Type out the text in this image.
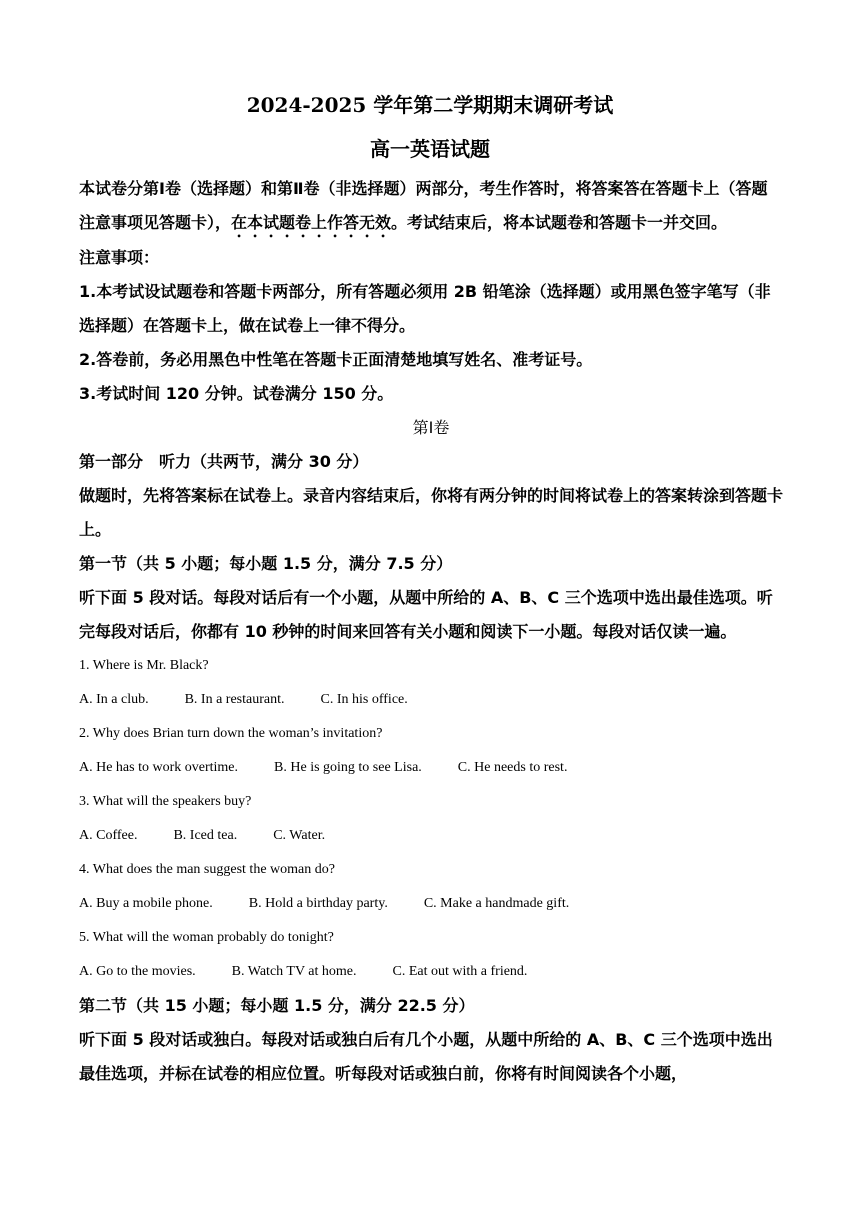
2024-2025 学年第二学期期末调研考试
高一英语试题

本试卷分第Ⅰ卷（选择题）和第Ⅱ卷（非选择题）两部分，考生作答时，将答案答在答题卡上（答题注意事项见答题卡），在本试题卷上作答无效。考试结束后，将本试题卷和答题卡一并交回。

注意事项：

1.本考试设试题卷和答题卡两部分，所有答题必须用 2B 铅笔涂（选择题）或用黑色签字笔写（非选择题）在答题卡上，做在试卷上一律不得分。

2.答卷前，务必用黑色中性笔在答题卡正面清楚地填写姓名、准考证号。

3.考试时间 120 分钟。试卷满分 150 分。

第Ⅰ卷

第一部分　听力（共两节，满分 30 分）

做题时，先将答案标在试卷上。录音内容结束后，你将有两分钟的时间将试卷上的答案转涂到答题卡上。

第一节（共 5 小题；每小题 1.5 分，满分 7.5 分）

听下面 5 段对话。每段对话后有一个小题，从题中所给的 A、B、C 三个选项中选出最佳选项。听完每段对话后，你都有 10 秒钟的时间来回答有关小题和阅读下一小题。每段对话仅读一遍。

1. Where is Mr. Black?

A. In a club.	B. In a restaurant.	C. In his office.

2. Why does Brian turn down the woman’s invitation?

A. He has to work overtime.	B. He is going to see Lisa.	C. He needs to rest.

3. What will the speakers buy?

A. Coffee.	B. Iced tea.	C. Water.

4. What does the man suggest the woman do?

A. Buy a mobile phone.	B. Hold a birthday party.	C. Make a handmade gift.

5. What will the woman probably do tonight?

A. Go to the movies.	B. Watch TV at home.	C. Eat out with a friend.

第二节（共 15 小题；每小题 1.5 分，满分 22.5 分）

听下面 5 段对话或独白。每段对话或独白后有几个小题，从题中所给的 A、B、C 三个选项中选出最佳选项，并标在试卷的相应位置。听每段对话或独白前，你将有时间阅读各个小题，
